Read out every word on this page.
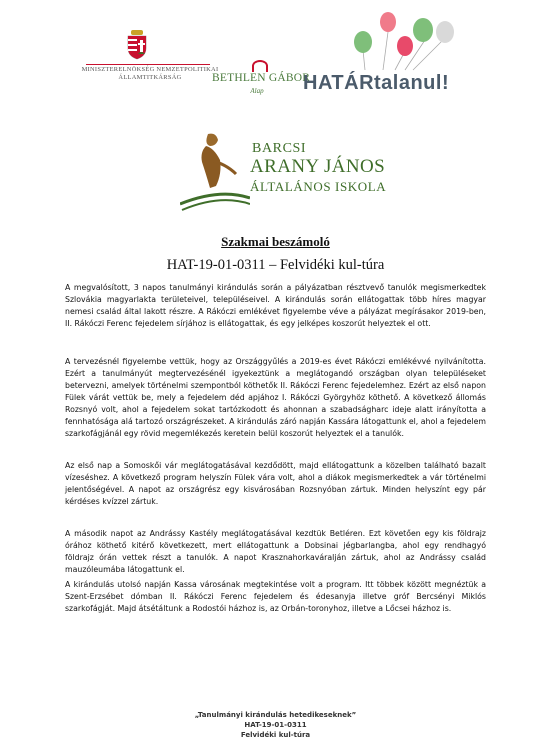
MINISZTERELNÖKSÉG NEMZETPOLITIKAI ÁLLAMTITKÁRSÁG	BETHLEN GÁBOR
Alap	HATÁRtalanul!
BARCSI
ARANY JÁNOS
ÁLTALÁNOS ISKOLA
Szakmai beszámoló
HAT-19-01-0311 – Felvidéki kul-túra

A megvalósított, 3 napos tanulmányi kirándulás során a pályázatban résztvevő tanulók megismerkedtek Szlovákia magyarlakta területeivel, településeivel. A kirándulás során ellátogattak több híres magyar nemesi család által lakott részre. A Rákóczi emlékévet figyelembe véve a pályázat megírásakor 2019-ben, II. Rákóczi Ferenc fejedelem sírjához is ellátogattak, és egy jelképes koszorút helyeztek el ott.

A tervezésnél figyelembe vettük, hogy az Országgyűlés a 2019-es évet Rákóczi emlékévvé nyilvánította. Ezért a tanulmányút megtervezésénél igyekeztünk a meglátogandó országban olyan településeket betervezni, amelyek történelmi szempontból köthetők II. Rákóczi Ferenc fejedelemhez. Ezért az első napon Fülek várát vettük be, mely a fejedelem déd apjához I. Rákóczi Györgyhöz köthető. A következő állomás Rozsnyó volt, ahol a fejedelem sokat tartózkodott és ahonnan a szabadságharc ideje alatt irányította a fennhatósága alá tartozó országrészeket. A kirándulás záró napján Kassára látogattunk el, ahol a fejedelem szarkofágjánál egy rövid megemlékezés keretein belül koszorút helyeztek el a tanulók.

Az első nap a Somoskői vár meglátogatásával kezdődött, majd ellátogattunk a közelben található bazalt vízeséshez. A következő program helyszín Fülek vára volt, ahol a diákok megismerkedtek a vár történelmi jelentőségével. A napot az országrész egy kisvárosában Rozsnyóban zártuk. Minden helyszínt egy pár kérdéses kvízzel zártuk.

A második napot az Andrássy Kastély meglátogatásával kezdtük Betléren. Ezt követően egy kis földrajz órához köthető kitérő következett, mert ellátogattunk a Dobsinai jégbarlangba, ahol egy rendhagyó földrajz órán vettek részt a tanulók. A napot Krasznahorkaváralján zártuk, ahol az Andrássy család mauzóleumába látogattunk el.

A kirándulás utolsó napján Kassa városának megtekintése volt a program. Itt többek között megnéztük a Szent-Erzsébet dómban II. Rákóczi Ferenc fejedelem és édesanyja illetve gróf Bercsényi Miklós szarkofágját. Majd átsétáltunk a Rodostói házhoz is, az Orbán-toronyhoz, illetve a Lőcsei házhoz is.

„Tanulmányi kirándulás hetedikeseknek”
HAT-19-01-0311
Felvidéki kul-túra
